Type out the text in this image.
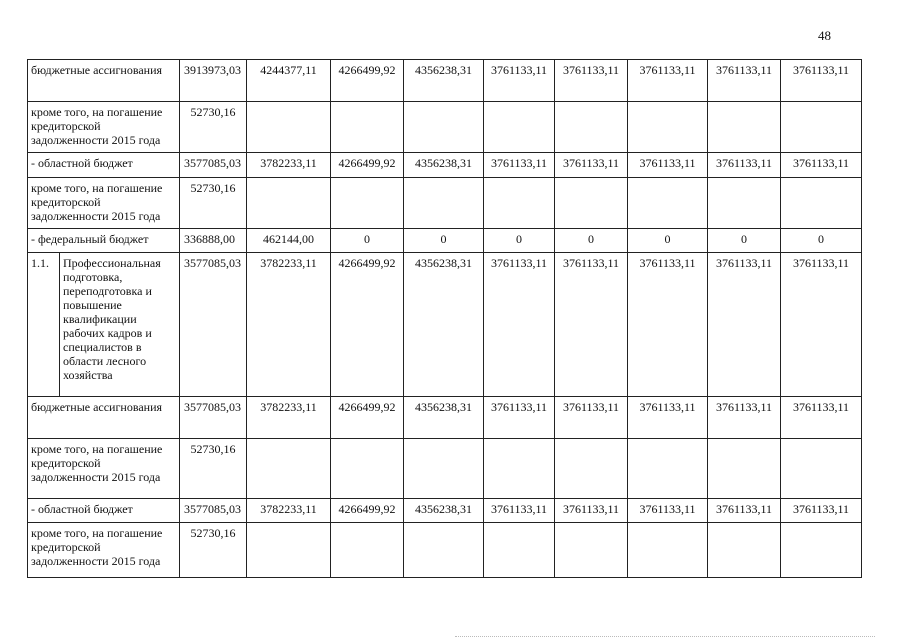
48
бюджетные ассигнования		3913973,03	4244377,11	4266499,92	4356238,31	3761133,11	3761133,11	3761133,11	3761133,11	3761133,11
кроме того, на погашение кредиторской задолженности 2015 года		52730,16								
- областной бюджет		3577085,03	3782233,11	4266499,92	4356238,31	3761133,11	3761133,11	3761133,11	3761133,11	3761133,11
кроме того, на погашение кредиторской задолженности 2015 года		52730,16								
- федеральный бюджет		336888,00	462144,00	0	0	0	0	0	0	0
1.1.	Профессиональная подготовка, переподготовка и повышение квалификации рабочих кадров и специалистов в области лесного хозяйства	3577085,03	3782233,11	4266499,92	4356238,31	3761133,11	3761133,11	3761133,11	3761133,11	3761133,11
бюджетные ассигнования		3577085,03	3782233,11	4266499,92	4356238,31	3761133,11	3761133,11	3761133,11	3761133,11	3761133,11
кроме того, на погашение кредиторской задолженности 2015 года		52730,16								
- областной бюджет		3577085,03	3782233,11	4266499,92	4356238,31	3761133,11	3761133,11	3761133,11	3761133,11	3761133,11
кроме того, на погашение кредиторской задолженности 2015 года		52730,16								
